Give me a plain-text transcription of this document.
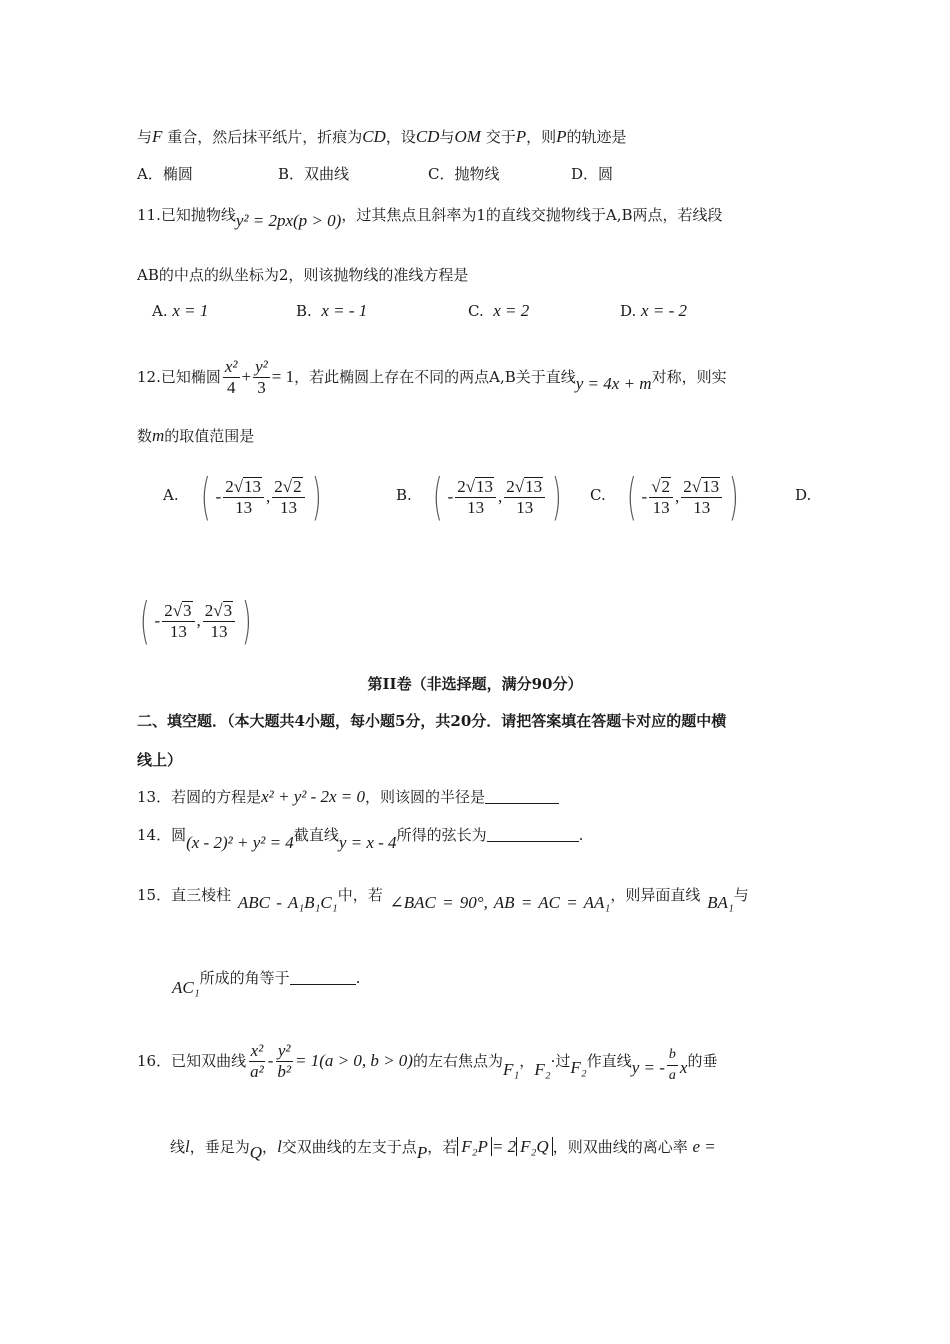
与F 重合，然后抹平纸片，折痕为CD，设CD与OM 交于P，则P的轨迹是
A．椭圆	B．双曲线	C．抛物线	D．圆
11.已知抛物线y² = 2px(p > 0)，过其焦点且斜率为1的直线交抛物线于A,B两点，若线段
AB的中点的纵坐标为2，则该抛物线的准线方程是
A. x = 1	B. x = - 1	C. x = 2	D. x = - 2
12.已知椭圆 $\frac{\text{x²}}{4} + \frac{\text{y²}}{3} = 1$ ，若此椭圆上存在不同的两点A,B关于直线 y = 4x + m 对称，则实
数m的取值范围是
A. ( - $\frac{2√ 13}{13}$ , $\frac{2√ 2}{13}$ )	B. ( - $\frac{2√ 13}{13}$ , $\frac{2√ 13}{13}$ ) C. ( - $\frac{√ 2}{13}$ , $\frac{2√ 13}{13}$ )	D.
( - $\frac{2√ 3}{13}$ , $\frac{2√ 3}{13}$ )
第II卷（非选择题，满分90分）
二、填空题．（本大题共4小题，每小题5分，共20分．请把答案填在答题卡对应的题中横
线上）
13．若圆的方程是x² + y² - 2x = 0，则该圆的半径是
14．圆(x - 2)² + y² = 4截直线y = x - 4所得的弦长为	.
15．直三棱柱 ABC - A₁B₁C₁中，若 ∠BAC = 90°, AB = AC = AA₁，则异面直线 BA₁与
AC₁所成的角等于	.
16．已知双曲线 $\frac{\text{x²}}{\text{a²}} - \frac{\text{y²}}{\text{b²}} = 1(a > 0$, b > 0) 的左右焦点为 F₁ ， F₂ ·过 F₂ 作直线 y = - $\frac{b}{a}$ x 的垂
线l，垂足为Q，l交双曲线的左支于点P，若 F₂P = 2 F₂Q ，则双曲线的离心率 e =
